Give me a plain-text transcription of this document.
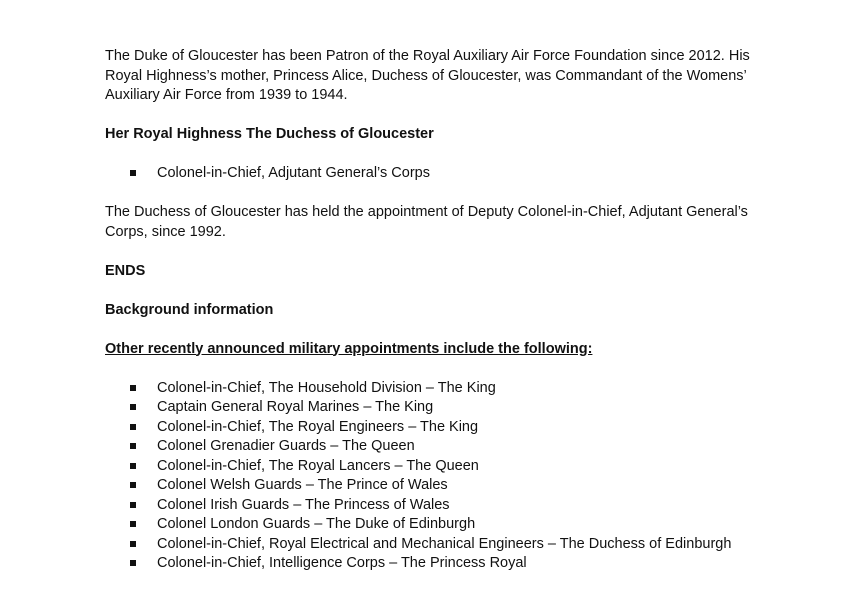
The Duke of Gloucester has been Patron of the Royal Auxiliary Air Force Foundation since 2012. His Royal Highness’s mother, Princess Alice, Duchess of Gloucester, was Commandant of the Womens’ Auxiliary Air Force from 1939 to 1944.

Her Royal Highness The Duchess of Gloucester

Colonel-in-Chief, Adjutant General’s Corps

The Duchess of Gloucester has held the appointment of Deputy Colonel-in-Chief, Adjutant General’s Corps, since 1992.

ENDS

Background information

Other recently announced military appointments include the following:

Colonel-in-Chief, The Household Division – The King
Captain General Royal Marines – The King
Colonel-in-Chief, The Royal Engineers – The King
Colonel Grenadier Guards – The Queen
Colonel-in-Chief, The Royal Lancers – The Queen
Colonel Welsh Guards – The Prince of Wales
Colonel Irish Guards – The Princess of Wales
Colonel London Guards – The Duke of Edinburgh
Colonel-in-Chief, Royal Electrical and Mechanical Engineers – The Duchess of Edinburgh
Colonel-in-Chief, Intelligence Corps – The Princess Royal
